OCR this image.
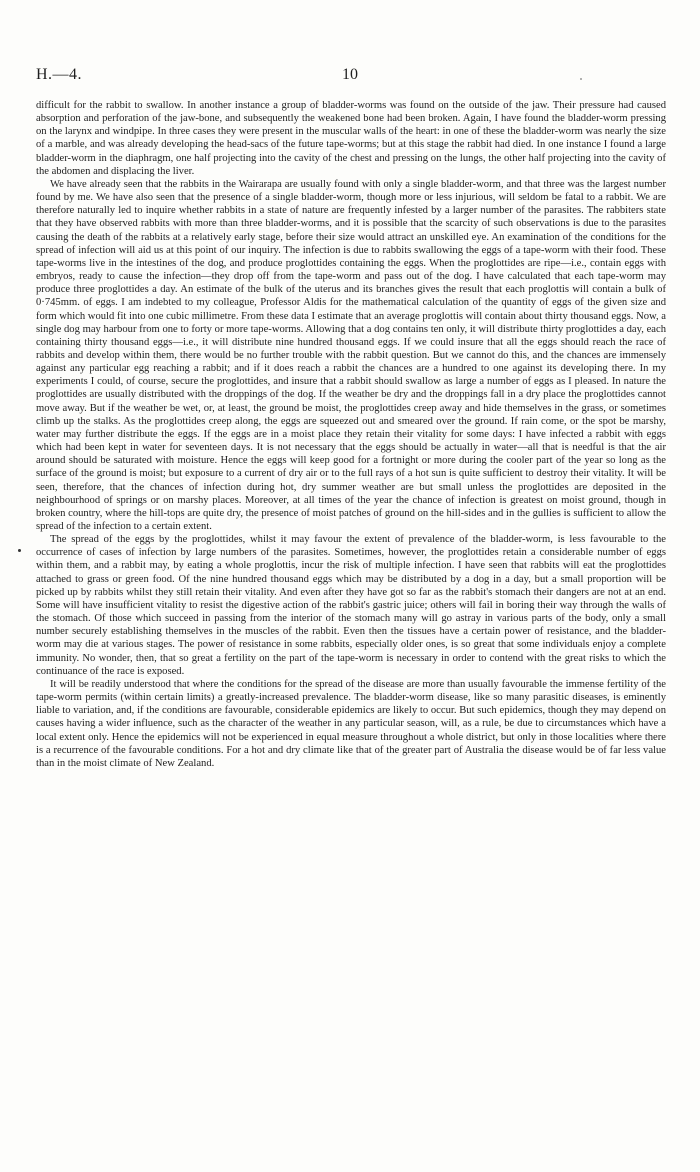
H.—4.	10

difficult for the rabbit to swallow. In another instance a group of bladder-worms was found on the outside of the jaw. Their pressure had caused absorption and perforation of the jaw-bone, and subsequently the weakened bone had been broken. Again, I have found the bladder-worm pressing on the larynx and windpipe. In three cases they were present in the muscular walls of the heart: in one of these the bladder-worm was nearly the size of a marble, and was already developing the head-sacs of the future tape-worms; but at this stage the rabbit had died. In one instance I found a large bladder-worm in the diaphragm, one half projecting into the cavity of the chest and pressing on the lungs, the other half projecting into the cavity of the abdomen and displacing the liver.

We have already seen that the rabbits in the Wairarapa are usually found with only a single bladder-worm, and that three was the largest number found by me. We have also seen that the presence of a single bladder-worm, though more or less injurious, will seldom be fatal to a rabbit. We are therefore naturally led to inquire whether rabbits in a state of nature are frequently infested by a larger number of the parasites. The rabbiters state that they have observed rabbits with more than three bladder-worms, and it is possible that the scarcity of such observations is due to the parasites causing the death of the rabbits at a relatively early stage, before their size would attract an unskilled eye. An examination of the conditions for the spread of infection will aid us at this point of our inquiry. The infection is due to rabbits swallowing the eggs of a tape-worm with their food. These tape-worms live in the intestines of the dog, and produce proglottides containing the eggs. When the proglottides are ripe—i.e., contain eggs with embryos, ready to cause the infection—they drop off from the tape-worm and pass out of the dog. I have calculated that each tape-worm may produce three proglottides a day. An estimate of the bulk of the uterus and its branches gives the result that each proglottis will contain a bulk of 0·745mm. of eggs. I am indebted to my colleague, Professor Aldis for the mathematical calculation of the quantity of eggs of the given size and form which would fit into one cubic millimetre. From these data I estimate that an average proglottis will contain about thirty thousand eggs. Now, a single dog may harbour from one to forty or more tape-worms. Allowing that a dog contains ten only, it will distribute thirty proglottides a day, each containing thirty thousand eggs—i.e., it will distribute nine hundred thousand eggs. If we could insure that all the eggs should reach the race of rabbits and develop within them, there would be no further trouble with the rabbit question. But we cannot do this, and the chances are immensely against any particular egg reaching a rabbit; and if it does reach a rabbit the chances are a hundred to one against its developing there. In my experiments I could, of course, secure the proglottides, and insure that a rabbit should swallow as large a number of eggs as I pleased. In nature the proglottides are usually distributed with the droppings of the dog. If the weather be dry and the droppings fall in a dry place the proglottides cannot move away. But if the weather be wet, or, at least, the ground be moist, the proglottides creep away and hide themselves in the grass, or sometimes climb up the stalks. As the proglottides creep along, the eggs are squeezed out and smeared over the ground. If rain come, or the spot be marshy, water may further distribute the eggs. If the eggs are in a moist place they retain their vitality for some days: I have infected a rabbit with eggs which had been kept in water for seventeen days. It is not necessary that the eggs should be actually in water—all that is needful is that the air around should be saturated with moisture. Hence the eggs will keep good for a fortnight or more during the cooler part of the year so long as the surface of the ground is moist; but exposure to a current of dry air or to the full rays of a hot sun is quite sufficient to destroy their vitality. It will be seen, therefore, that the chances of infection during hot, dry summer weather are but small unless the proglottides are deposited in the neighbourhood of springs or on marshy places. Moreover, at all times of the year the chance of infection is greatest on moist ground, though in broken country, where the hill-tops are quite dry, the presence of moist patches of ground on the hill-sides and in the gullies is sufficient to allow the spread of the infection to a certain extent.

The spread of the eggs by the proglottides, whilst it may favour the extent of prevalence of the bladder-worm, is less favourable to the occurrence of cases of infection by large numbers of the parasites. Sometimes, however, the proglottides retain a considerable number of eggs within them, and a rabbit may, by eating a whole proglottis, incur the risk of multiple infection. I have seen that rabbits will eat the proglottides attached to grass or green food. Of the nine hundred thousand eggs which may be distributed by a dog in a day, but a small proportion will be picked up by rabbits whilst they still retain their vitality. And even after they have got so far as the rabbit's stomach their dangers are not at an end. Some will have insufficient vitality to resist the digestive action of the rabbit's gastric juice; others will fail in boring their way through the walls of the stomach. Of those which succeed in passing from the interior of the stomach many will go astray in various parts of the body, only a small number securely establishing themselves in the muscles of the rabbit. Even then the tissues have a certain power of resistance, and the bladder-worm may die at various stages. The power of resistance in some rabbits, especially older ones, is so great that some individuals enjoy a complete immunity. No wonder, then, that so great a fertility on the part of the tape-worm is necessary in order to contend with the great risks to which the continuance of the race is exposed.

It will be readily understood that where the conditions for the spread of the disease are more than usually favourable the immense fertility of the tape-worm permits (within certain limits) a greatly-increased prevalence. The bladder-worm disease, like so many parasitic diseases, is eminently liable to variation, and, if the conditions are favourable, considerable epidemics are likely to occur. But such epidemics, though they may depend on causes having a wider influence, such as the character of the weather in any particular season, will, as a rule, be due to circumstances which have a local extent only. Hence the epidemics will not be experienced in equal measure throughout a whole district, but only in those localities where there is a recurrence of the favourable conditions. For a hot and dry climate like that of the greater part of Australia the disease would be of far less value than in the moist climate of New Zealand.
